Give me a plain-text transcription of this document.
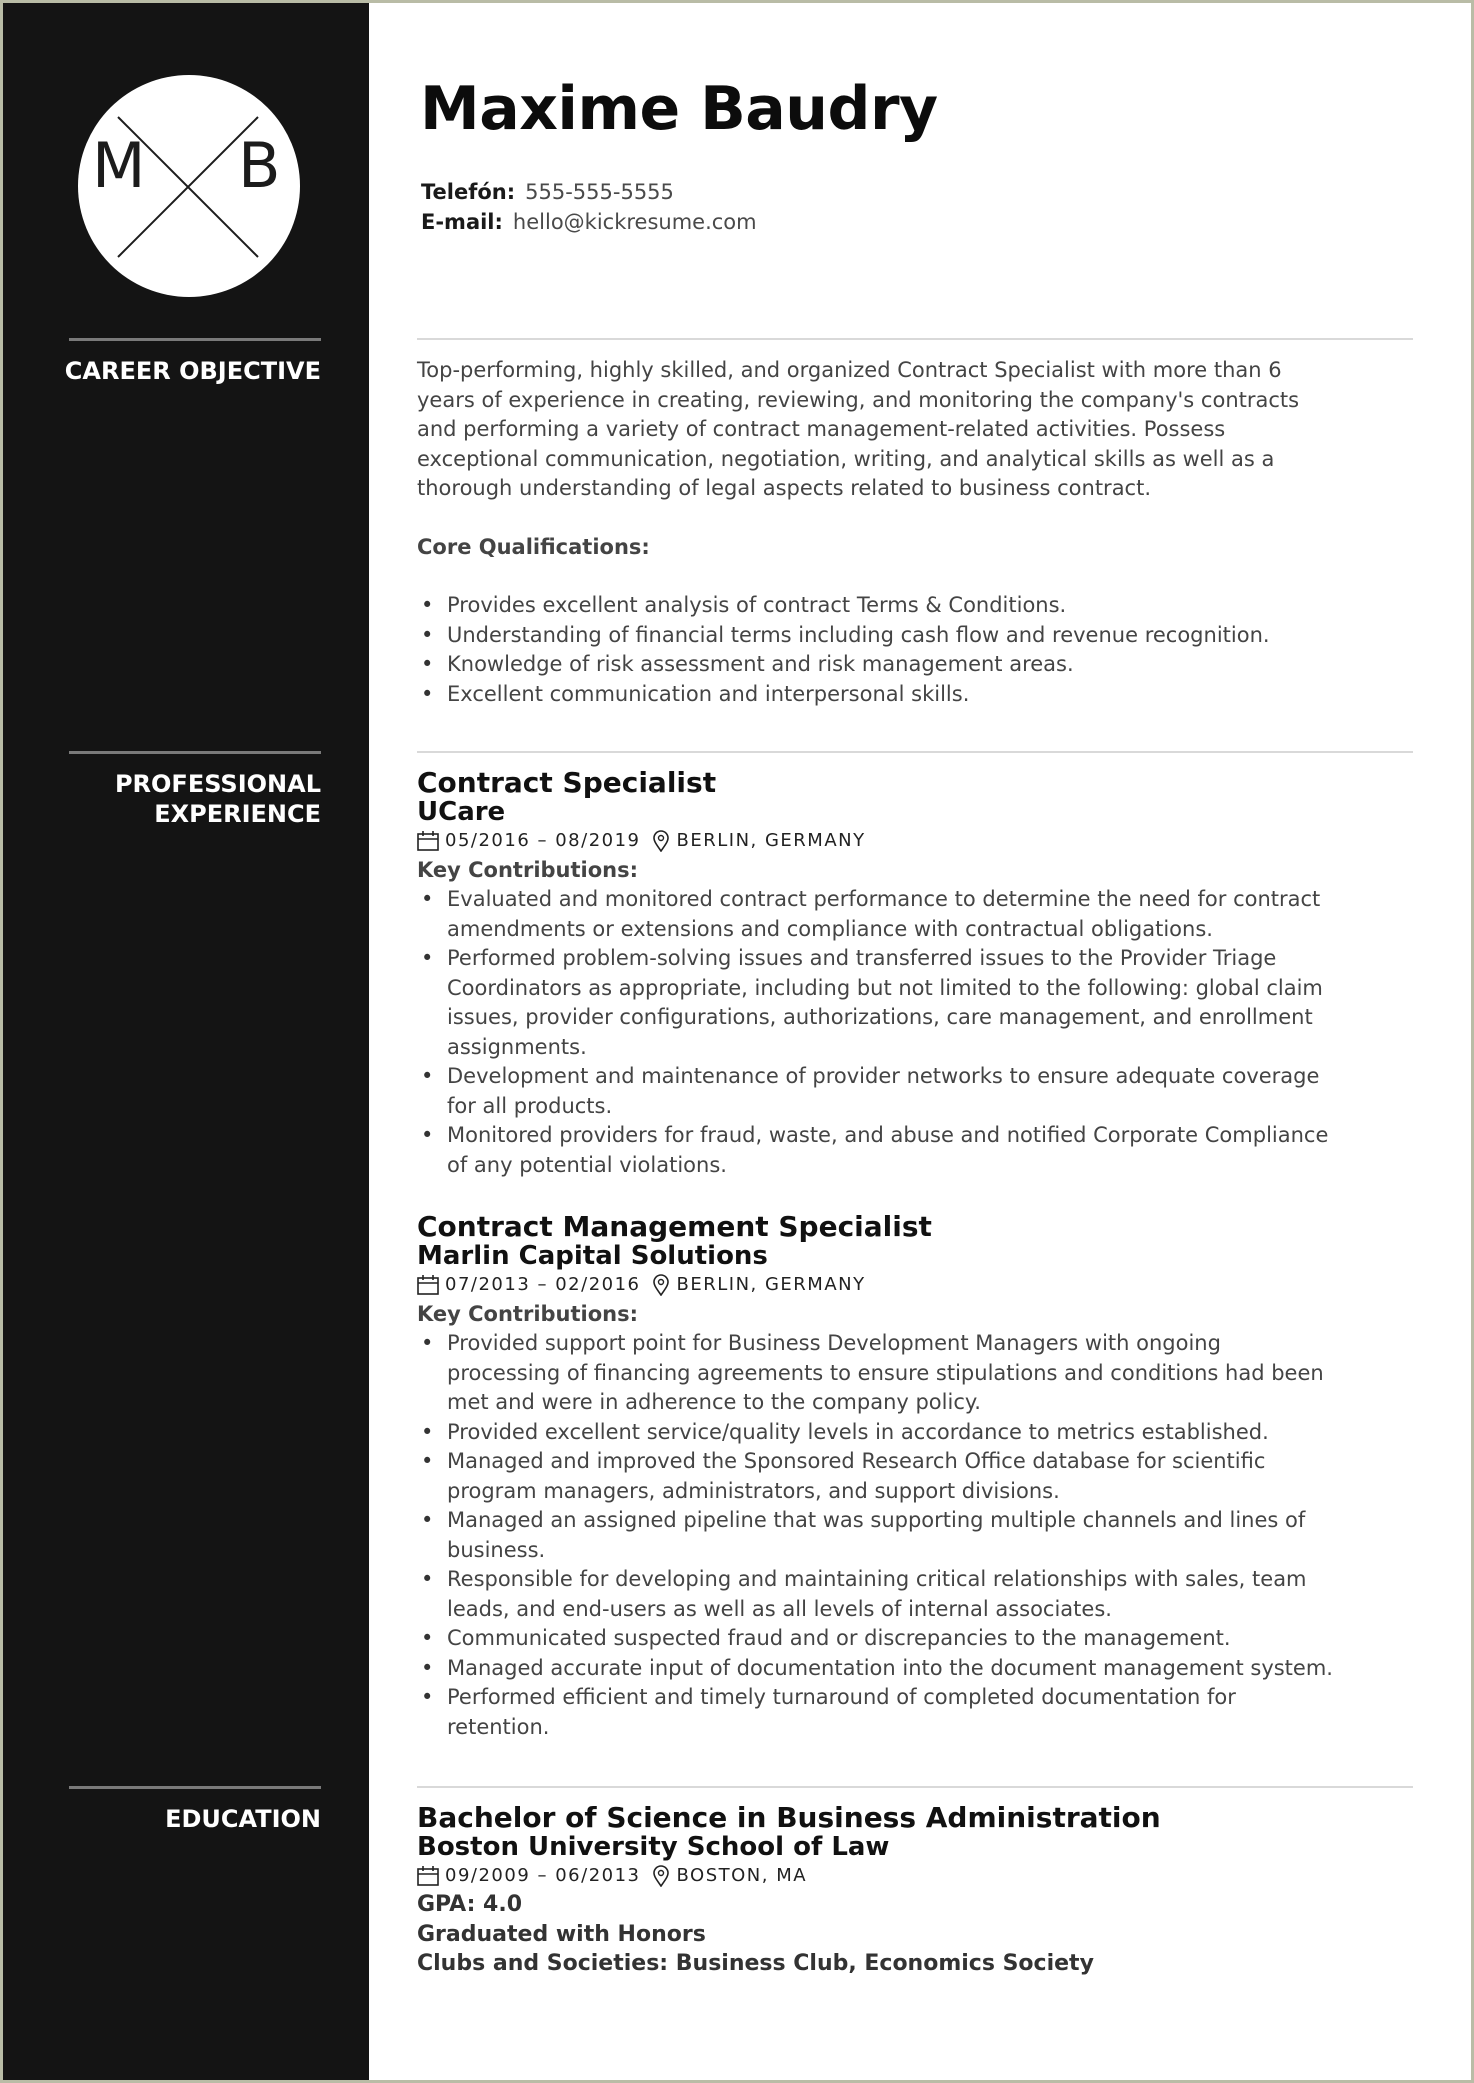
M B
Maxime Baudry
Telefón: 555-555-5555
E-mail: hello@kickresume.com
CAREER OBJECTIVE	Top-performing, highly skilled, and organized Contract Specialist with more than 6
years of experience in creating, reviewing, and monitoring the company's contracts
and performing a variety of contract management-related activities. Possess
exceptional communication, negotiation, writing, and analytical skills as well as a
thorough understanding of legal aspects related to business contract.

Core Qualifications:

• Provides excellent analysis of contract Terms & Conditions.
• Understanding of financial terms including cash flow and revenue recognition.
• Knowledge of risk assessment and risk management areas.
• Excellent communication and interpersonal skills.
PROFESSIONAL
EXPERIENCE
Contract Specialist
UCare
05/2016 – 08/2019 BERLIN, GERMANY
Key Contributions:
• Evaluated and monitored contract performance to determine the need for contract
amendments or extensions and compliance with contractual obligations.
• Performed problem-solving issues and transferred issues to the Provider Triage
Coordinators as appropriate, including but not limited to the following: global claim
issues, provider configurations, authorizations, care management, and enrollment
assignments.
• Development and maintenance of provider networks to ensure adequate coverage
for all products.
• Monitored providers for fraud, waste, and abuse and notified Corporate Compliance
of any potential violations.
Contract Management Specialist
Marlin Capital Solutions
07/2013 – 02/2016 BERLIN, GERMANY
Key Contributions:
• Provided support point for Business Development Managers with ongoing
processing of financing agreements to ensure stipulations and conditions had been
met and were in adherence to the company policy.
• Provided excellent service/quality levels in accordance to metrics established.
• Managed and improved the Sponsored Research Office database for scientific
program managers, administrators, and support divisions.
• Managed an assigned pipeline that was supporting multiple channels and lines of
business.
• Responsible for developing and maintaining critical relationships with sales, team
leads, and end-users as well as all levels of internal associates.
• Communicated suspected fraud and or discrepancies to the management.
• Managed accurate input of documentation into the document management system.
• Performed efficient and timely turnaround of completed documentation for
retention.
EDUCATION	Bachelor of Science in Business Administration
Boston University School of Law
09/2009 – 06/2013 BOSTON, MA
GPA: 4.0
Graduated with Honors
Clubs and Societies: Business Club, Economics Society
